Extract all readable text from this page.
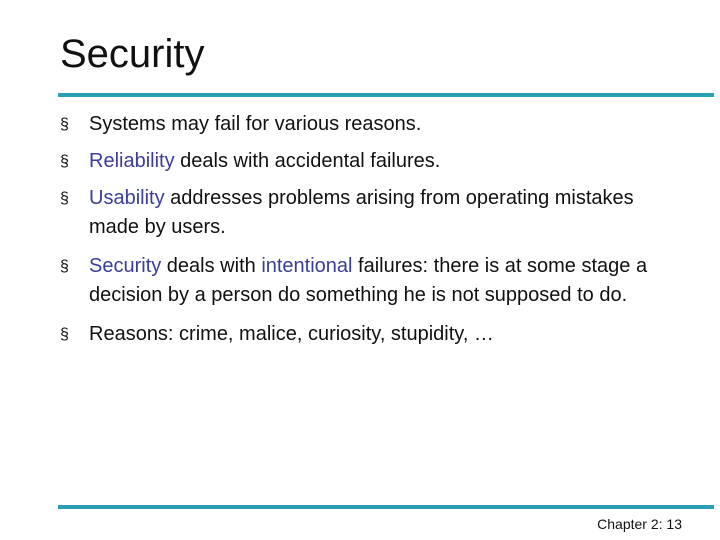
Security
§ Systems may fail for various reasons.
§ Reliability deals with accidental failures.
§ Usability addresses problems arising from operating mistakes made by users.
§ Security deals with intentional failures: there is at some stage a decision by a person do something he is not supposed to do.
§ Reasons: crime, malice, curiosity, stupidity, …
Chapter 2: 13
